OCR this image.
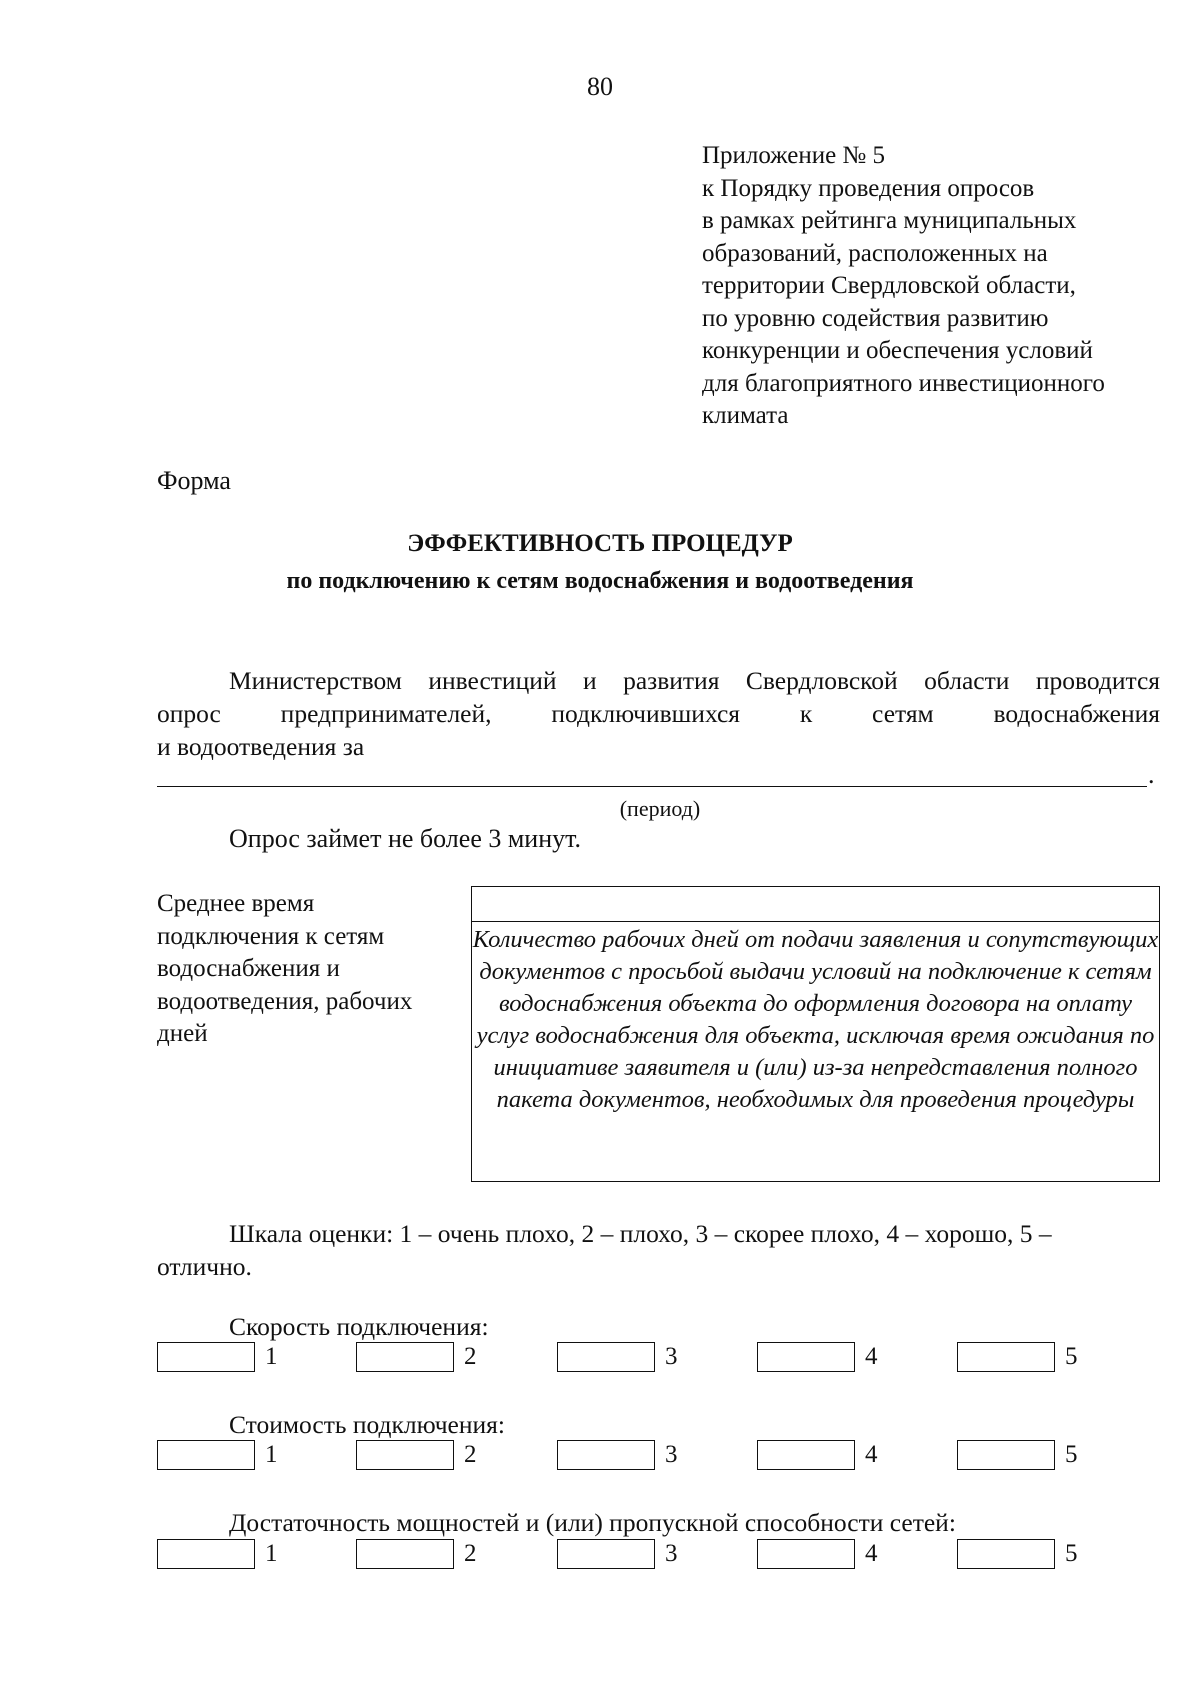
80
Приложение № 5
к Порядку проведения опросов
в рамках рейтинга муниципальных
образований, расположенных на
территории Свердловской области,
по уровню содействия развитию
конкуренции и обеспечения условий
для благоприятного инвестиционного
климата
Форма
ЭФФЕКТИВНОСТЬ ПРОЦЕДУР
по подключению к сетям водоснабжения и водоотведения
Министерством инвестиций и развития Свердловской области проводится
опрос предпринимателей, подключившихся к сетям водоснабжения
и водоотведения за
.
(период)
Опрос займет не более 3 минут.
Среднее время
подключения к сетям
водоснабжения и
водоотведения, рабочих
дней
Количество рабочих дней от подачи заявления и сопутствующих документов с просьбой выдачи условий на подключение к сетям водоснабжения объекта до оформления договора на оплату услуг водоснабжения для объекта, исключая время ожидания по инициативе заявителя и (или) из-за непредставления полного пакета документов, необходимых для проведения процедуры
Шкала оценки: 1 – очень плохо, 2 – плохо, 3 – скорее плохо, 4 – хорошо, 5 –
отлично.
Скорость подключения:
1	2	3	4	5
Стоимость подключения:
1	2	3	4	5
Достаточность мощностей и (или) пропускной способности сетей:
1	2	3	4	5
